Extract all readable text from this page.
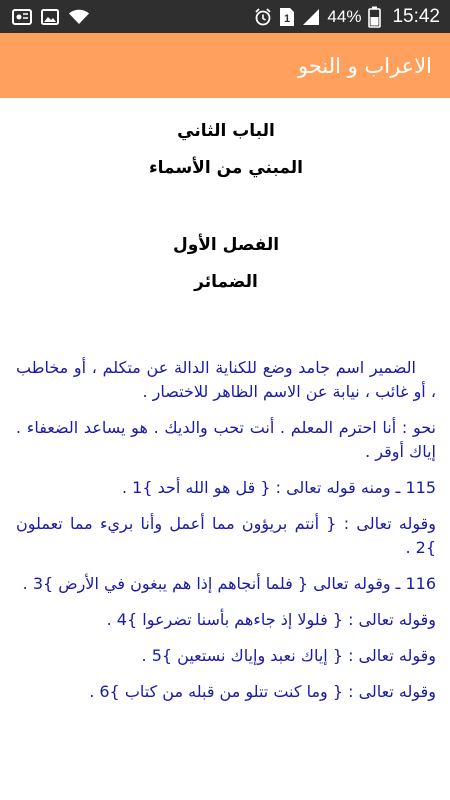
1 44% 15:42
الاعراب و النحو
الباب الثاني
المبني من الأسماء
الفصل الأول
الضمائر

الضمير اسم جامد وضع للكناية الدالة عن متكلم ، أو مخاطب ، أو غائب ، نيابة عن الاسم الظاهر للاختصار .

نحو : أنا احترم المعلم . أنت تحب والديك . هو يساعد الضعفاء . إياك أوقر .

115 ـ ومنه قوله تعالى : { قل هو الله أحد }1 .

وقوله تعالى : { أنتم بريؤون مما أعمل وأنا بريء مما تعملون }2 .

116 ـ وقوله تعالى { فلما أنجاهم إذا هم يبغون في الأرض }3 .

وقوله تعالى : { فلولا إذ جاءهم بأسنا تضرعوا }4 .

وقوله تعالى : { إياك نعبد وإياك نستعين }5 .

وقوله تعالى : { وما كنت تتلو من قبله من كتاب }6 .
